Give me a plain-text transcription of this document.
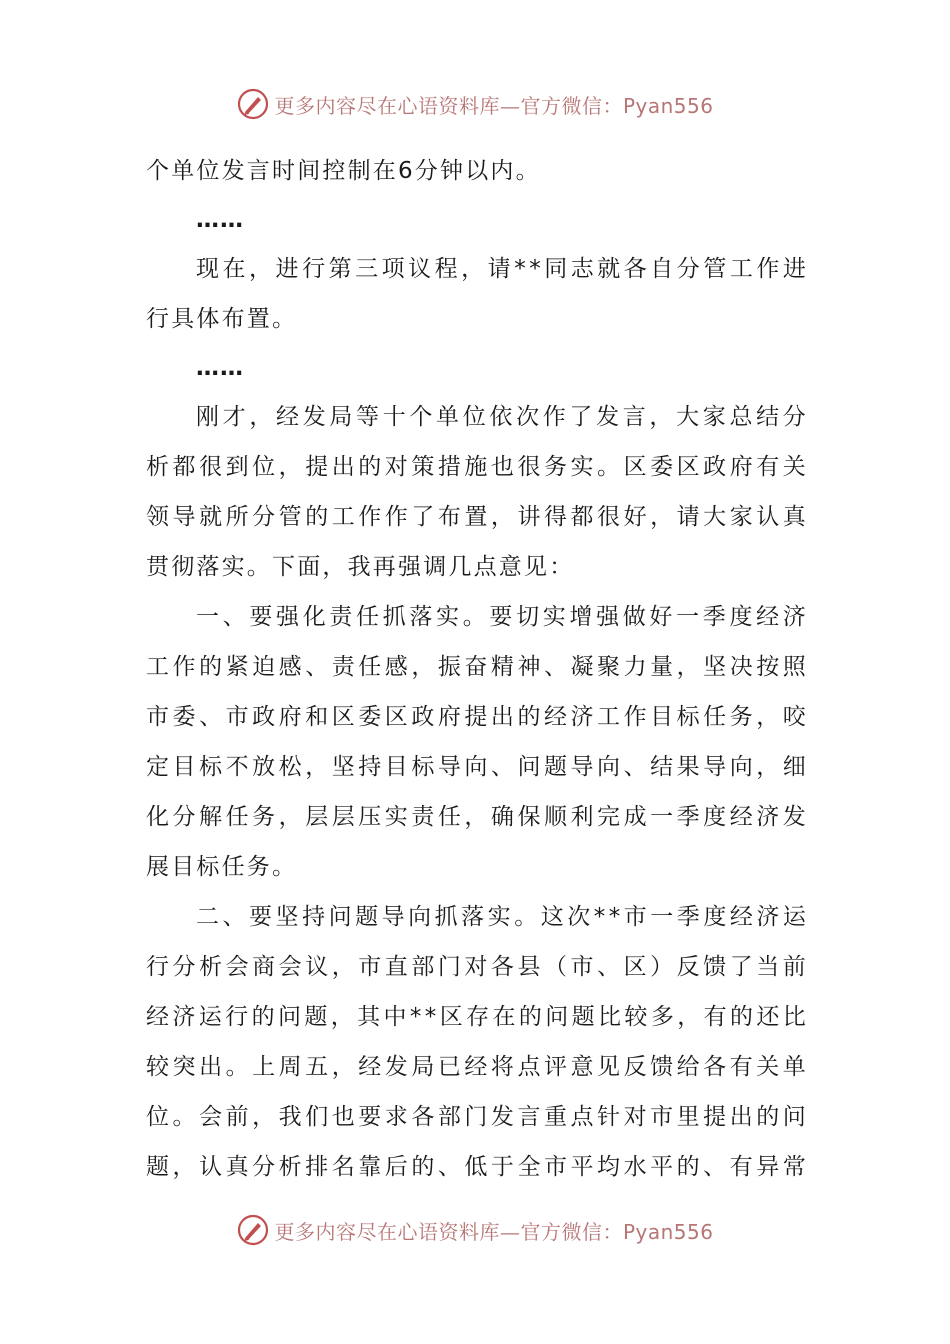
更多内容尽在心语资料库—官方微信：Pyan556
个单位发言时间控制在6分钟以内。
……
现 在 ， 进 行 第 三 项 议 程 ， 请 * * 同 志 就 各 自 分 管 工 作 进
行具体布置。
……
刚 才 ， 经 发 局 等 十 个 单 位 依 次 作 了 发 言 ， 大 家 总 结 分
析 都 很 到 位 ， 提 出 的 对 策 措 施 也 很 务 实 。 区 委 区 政 府 有 关
领 导 就 所 分 管 的 工 作 作 了 布 置 ， 讲 得 都 很 好 ， 请 大 家 认 真
贯彻落实。下面，我再强调几点意见：
一 、 要 强 化 责 任 抓 落 实 。 要 切 实 增 强 做 好 一 季 度 经 济
工 作 的 紧 迫 感 、 责 任 感 ， 振 奋 精 神 、 凝 聚 力 量 ， 坚 决 按 照
市 委 、 市 政 府 和 区 委 区 政 府 提 出 的 经 济 工 作 目 标 任 务 ， 咬
定 目 标 不 放 松 ， 坚 持 目 标 导 向 、 问 题 导 向 、 结 果 导 向 ， 细
化 分 解 任 务 ， 层 层 压 实 责 任 ， 确 保 顺 利 完 成 一 季 度 经 济 发
展目标任务。
二 、 要 坚 持 问 题 导 向 抓 落 实 。 这 次 * * 市 一 季 度 经 济 运
行 分 析 会 商 会 议 ， 市 直 部 门 对 各 县 （ 市 、 区 ） 反 馈 了 当 前
经 济 运 行 的 问 题 ， 其 中 * * 区 存 在 的 问 题 比 较 多 ， 有 的 还 比
较 突 出 。 上 周 五 ， 经 发 局 已 经 将 点 评 意 见 反 馈 给 各 有 关 单
位 。 会 前 ， 我 们 也 要 求 各 部 门 发 言 重 点 针 对 市 里 提 出 的 问
题 ， 认 真 分 析 排 名 靠 后 的 、 低 于 全 市 平 均 水 平 的 、 有 异 常
更多内容尽在心语资料库—官方微信：Pyan556
